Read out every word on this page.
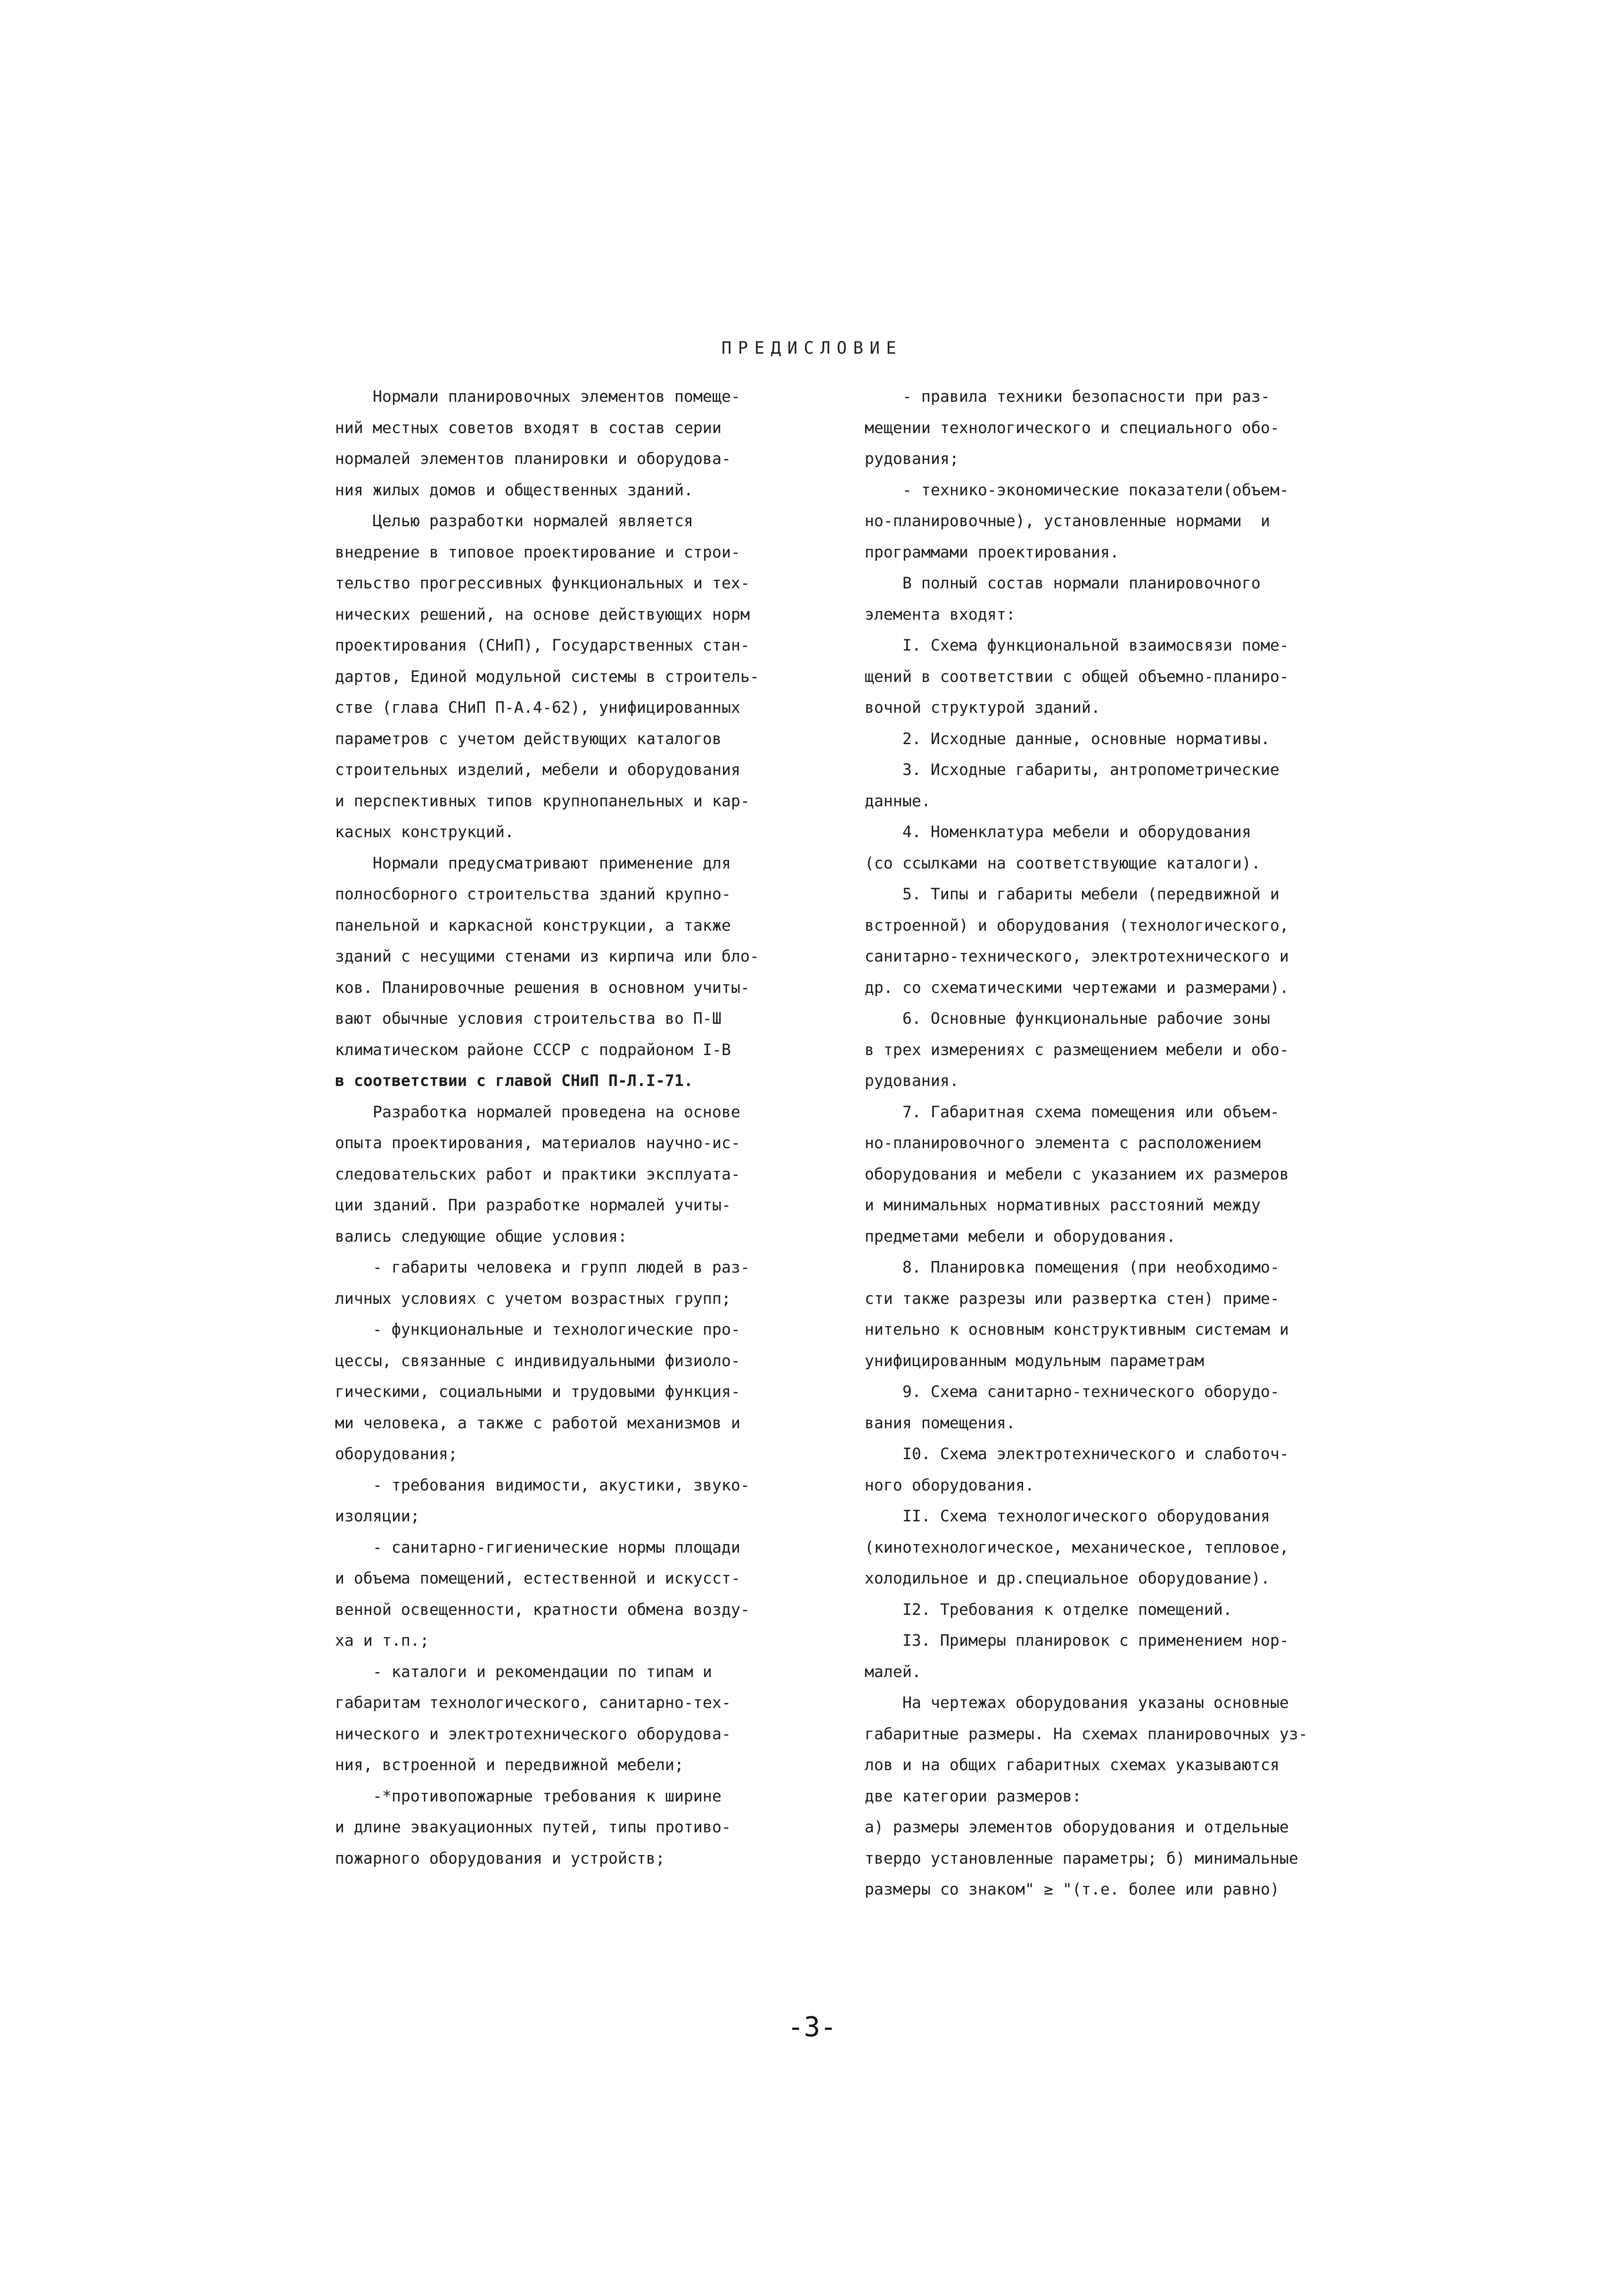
ПРЕДИСЛОВИЕ
Нормали планировочных элементов помеще-
ний местных советов входят в состав серии
нормалей элементов планировки и оборудова-
ния жилых домов и общественных зданий.
Целью разработки нормалей является
внедрение в типовое проектирование и строи-
тельство прогрессивных функциональных и тех-
нических решений, на основе действующих норм
проектирования (СНиП), Государственных стан-
дартов, Единой модульной системы в строитель-
стве (глава СНиП П-А.4-62), унифицированных
параметров с учетом действующих каталогов
строительных изделий, мебели и оборудования
и перспективных типов крупнопанельных и кар-
касных конструкций.
Нормали предусматривают применение для
полносборного строительства зданий крупно-
панельной и каркасной конструкции, а также
зданий с несущими стенами из кирпича или бло-
ков. Планировочные решения в основном учиты-
вают обычные условия строительства во П-Ш
климатическом районе СССР с подрайоном I-В
в соответствии с главой СНиП П-Л.I-71.
Разработка нормалей проведена на основе
опыта проектирования, материалов научно-ис-
следовательских работ и практики эксплуата-
ции зданий. При разработке нормалей учиты-
вались следующие общие условия:
- габариты человека и групп людей в раз-
личных условиях с учетом возрастных групп;
- функциональные и технологические про-
цессы, связанные с индивидуальными физиоло-
гическими, социальными и трудовыми функция-
ми человека, а также с работой механизмов и
оборудования;
- требования видимости, акустики, звуко-
изоляции;
- санитарно-гигиенические нормы площади
и объема помещений, естественной и искусст-
венной освещенности, кратности обмена возду-
ха и т.п.;
- каталоги и рекомендации по типам и
габаритам технологического, санитарно-тех-
нического и электротехнического оборудова-
ния, встроенной и передвижной мебели;
-*противопожарные требования к ширине
и длине эвакуационных путей, типы противо-
пожарного оборудования и устройств;
- правила техники безопасности при раз-
мещении технологического и специального обо-
рудования;
- технико-экономические показатели(объем-
но-планировочные), установленные нормами  и
программами проектирования.
В полный состав нормали планировочного
элемента входят:
I. Схема функциональной взаимосвязи поме-
щений в соответствии с общей объемно-планиро-
вочной структурой зданий.
2. Исходные данные, основные нормативы.
3. Исходные габариты, антропометрические
данные.
4. Номенклатура мебели и оборудования
(со ссылками на соответствующие каталоги).
5. Типы и габариты мебели (передвижной и
встроенной) и оборудования (технологического,
санитарно-технического, электротехнического и
др. со схематическими чертежами и размерами).
6. Основные функциональные рабочие зоны
в трех измерениях с размещением мебели и обо-
рудования.
7. Габаритная схема помещения или объем-
но-планировочного элемента с расположением
оборудования и мебели с указанием их размеров
и минимальных нормативных расстояний между
предметами мебели и оборудования.
8. Планировка помещения (при необходимо-
сти также разрезы или развертка стен) приме-
нительно к основным конструктивным системам и
унифицированным модульным параметрам
9. Схема санитарно-технического оборудо-
вания помещения.
I0. Схема электротехнического и слаботоч-
ного оборудования.
II. Схема технологического оборудования
(кинотехнологическое, механическое, тепловое,
холодильное и др.специальное оборудование).
I2. Требования к отделке помещений.
I3. Примеры планировок с применением нор-
малей.
На чертежах оборудования указаны основные
габаритные размеры. На схемах планировочных уз-
лов и на общих габаритных схемах указываются
две категории размеров:
а) размеры элементов оборудования и отдельные
твердо установленные параметры; б) минимальные
размеры со знаком" ≥ "(т.е. более или равно)
-3-
